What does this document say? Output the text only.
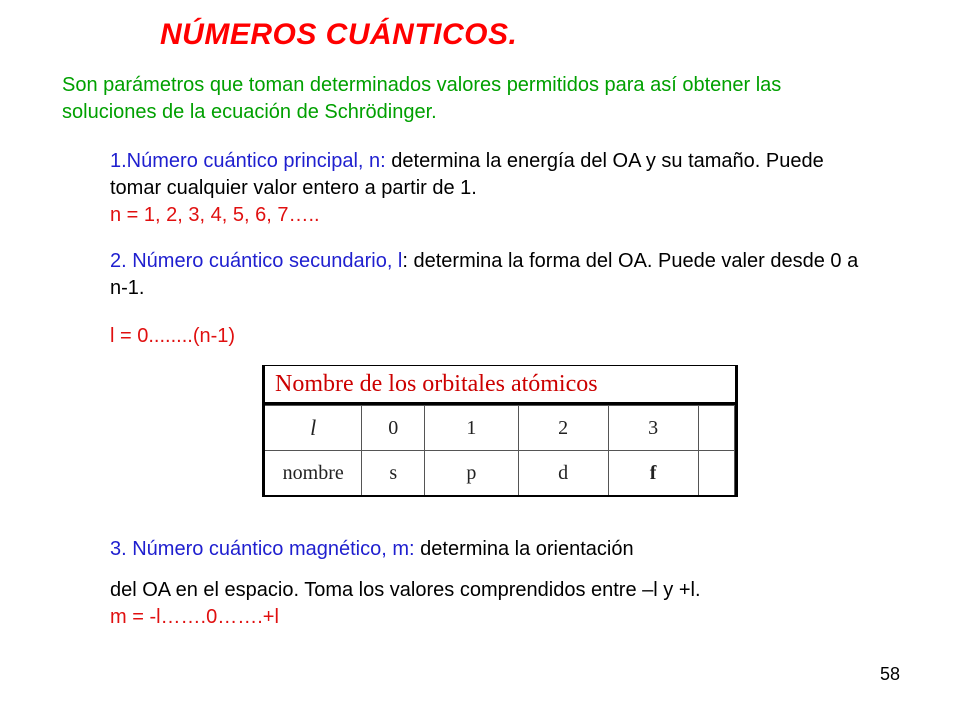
NÚMEROS CUÁNTICOS.
Son parámetros que toman determinados valores permitidos para así obtener las soluciones de la ecuación de Schrödinger.
1.Número cuántico principal, n: determina la energía del OA y su tamaño. Puede tomar cualquier valor entero a partir de 1.
n = 1, 2, 3, 4, 5, 6, 7…..
2. Número cuántico secundario, l: determina la forma del OA. Puede valer desde 0 a n-1.
l = 0........(n-1)
Nombre de los orbitales atómicos
l	0	1	2	3	
nombre	s	p	d	f	
3. Número cuántico magnético, m: determina la orientación
del OA en el espacio. Toma los valores comprendidos entre –l y +l.
m = -l…….0…….+l
58
